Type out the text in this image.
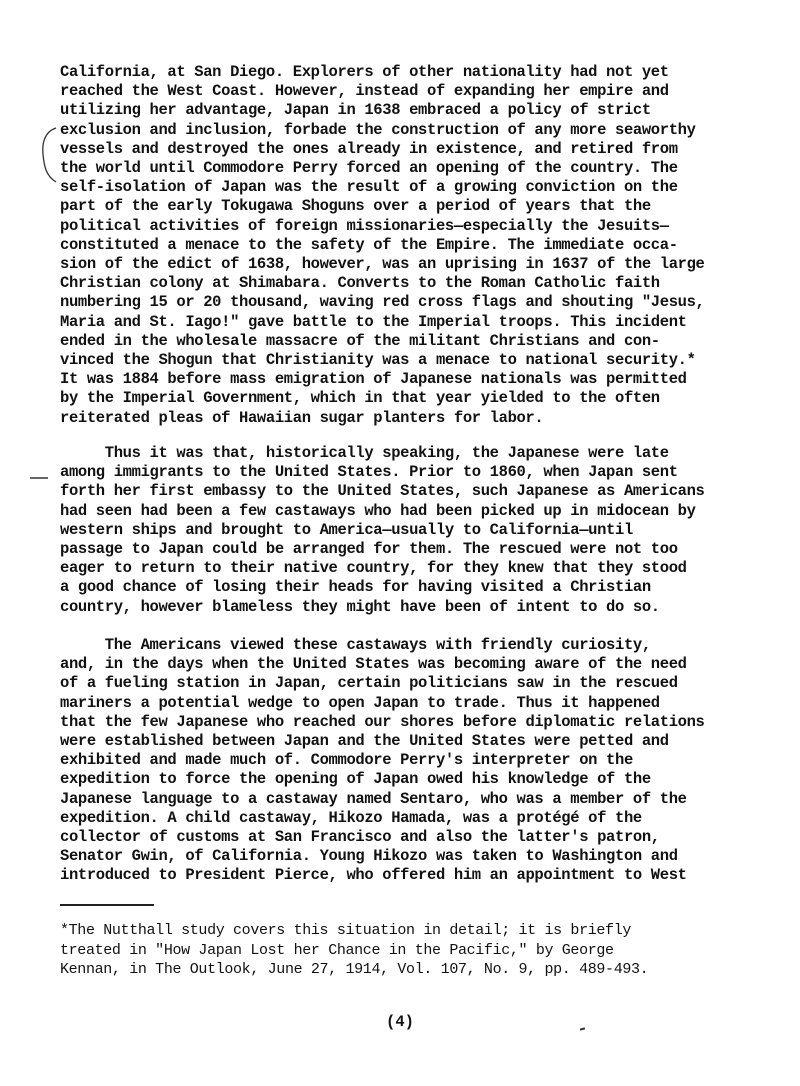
California, at San Diego. Explorers of other nationality had not yet
reached the West Coast. However, instead of expanding her empire and
utilizing her advantage, Japan in 1638 embraced a policy of strict
exclusion and inclusion, forbade the construction of any more seaworthy
vessels and destroyed the ones already in existence, and retired from
the world until Commodore Perry forced an opening of the country. The
self-isolation of Japan was the result of a growing conviction on the
part of the early Tokugawa Shoguns over a period of years that the
political activities of foreign missionaries—especially the Jesuits—
constituted a menace to the safety of the Empire. The immediate occa-
sion of the edict of 1638, however, was an uprising in 1637 of the large
Christian colony at Shimabara. Converts to the Roman Catholic faith
numbering 15 or 20 thousand, waving red cross flags and shouting "Jesus,
Maria and St. Iago!" gave battle to the Imperial troops. This incident
ended in the wholesale massacre of the militant Christians and con-
vinced the Shogun that Christianity was a menace to national security.*
It was 1884 before mass emigration of Japanese nationals was permitted
by the Imperial Government, which in that year yielded to the often
reiterated pleas of Hawaiian sugar planters for labor.
Thus it was that, historically speaking, the Japanese were late
among immigrants to the United States. Prior to 1860, when Japan sent
forth her first embassy to the United States, such Japanese as Americans
had seen had been a few castaways who had been picked up in midocean by
western ships and brought to America—usually to California—until
passage to Japan could be arranged for them. The rescued were not too
eager to return to their native country, for they knew that they stood
a good chance of losing their heads for having visited a Christian
country, however blameless they might have been of intent to do so.
The Americans viewed these castaways with friendly curiosity,
and, in the days when the United States was becoming aware of the need
of a fueling station in Japan, certain politicians saw in the rescued
mariners a potential wedge to open Japan to trade. Thus it happened
that the few Japanese who reached our shores before diplomatic relations
were established between Japan and the United States were petted and
exhibited and made much of. Commodore Perry's interpreter on the
expedition to force the opening of Japan owed his knowledge of the
Japanese language to a castaway named Sentaro, who was a member of the
expedition. A child castaway, Hikozo Hamada, was a protégé of the
collector of customs at San Francisco and also the latter's patron,
Senator Gwin, of California. Young Hikozo was taken to Washington and
introduced to President Pierce, who offered him an appointment to West
*The Nutthall study covers this situation in detail; it is briefly
treated in "How Japan Lost her Chance in the Pacific," by George
Kennan, in The Outlook, June 27, 1914, Vol. 107, No. 9, pp. 489-493.
(4)
